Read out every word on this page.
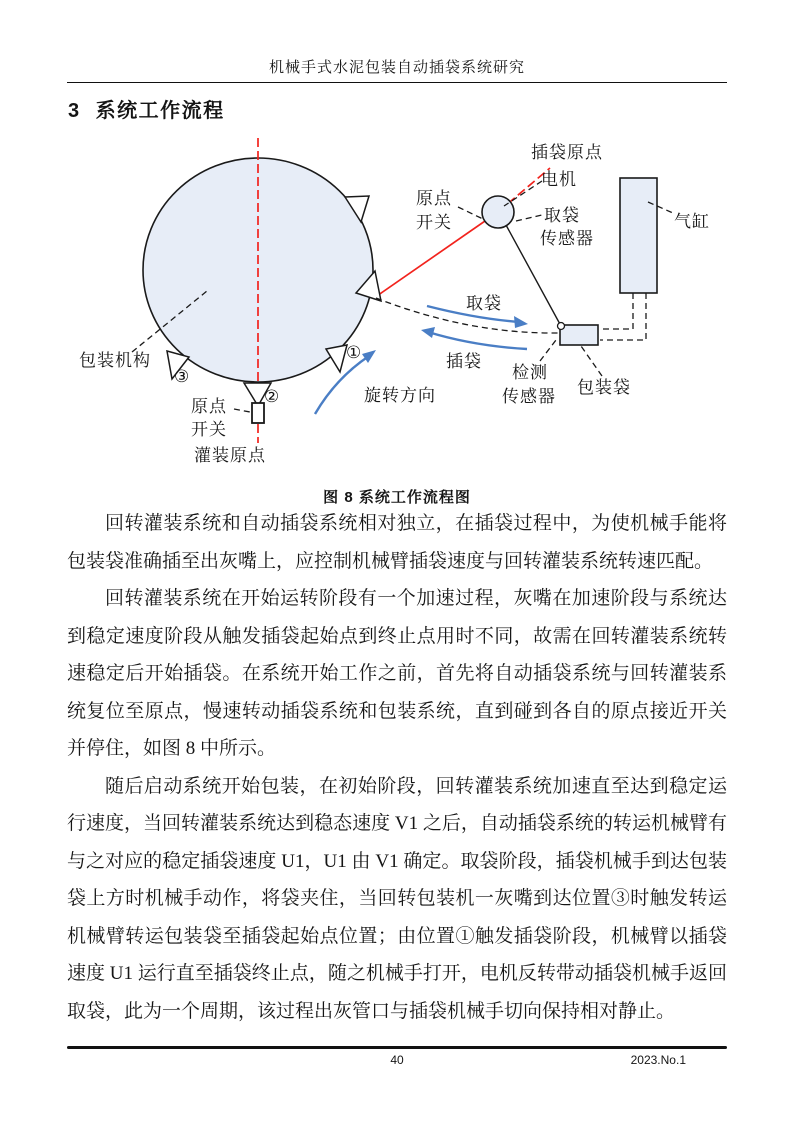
机械手式水泥包装自动插袋系统研究
3 系统工作流程
插袋原点
电机
原点
开关	取袋
传感器
气缸
包装机构
原点
开关
灌装原点
取袋
插袋
旋转方向
检测
传感器 包装袋
①
②
③
图 8 系统工作流程图

回转灌装系统和自动插袋系统相对独立，在插袋过程中，为使机械手能将包装袋准确插至出灰嘴上，应控制机械臂插袋速度与回转灌装系统转速匹配。

回转灌装系统在开始运转阶段有一个加速过程，灰嘴在加速阶段与系统达到稳定速度阶段从触发插袋起始点到终止点用时不同，故需在回转灌装系统转速稳定后开始插袋。在系统开始工作之前，首先将自动插袋系统与回转灌装系统复位至原点，慢速转动插袋系统和包装系统，直到碰到各自的原点接近开关并停住，如图 8 中所示。

随后启动系统开始包装，在初始阶段，回转灌装系统加速直至达到稳定运行速度，当回转灌装系统达到稳态速度 V1 之后，自动插袋系统的转运机械臂有与之对应的稳定插袋速度 U1，U1 由 V1 确定。取袋阶段，插袋机械手到达包装袋上方时机械手动作，将袋夹住，当回转包装机一灰嘴到达位置③时触发转运机械臂转运包装袋至插袋起始点位置；由位置①触发插袋阶段，机械臂以插袋速度 U1 运行直至插袋终止点，随之机械手打开，电机反转带动插袋机械手返回取袋，此为一个周期，该过程出灰管口与插袋机械手切向保持相对静止。

40	2023.No.1
